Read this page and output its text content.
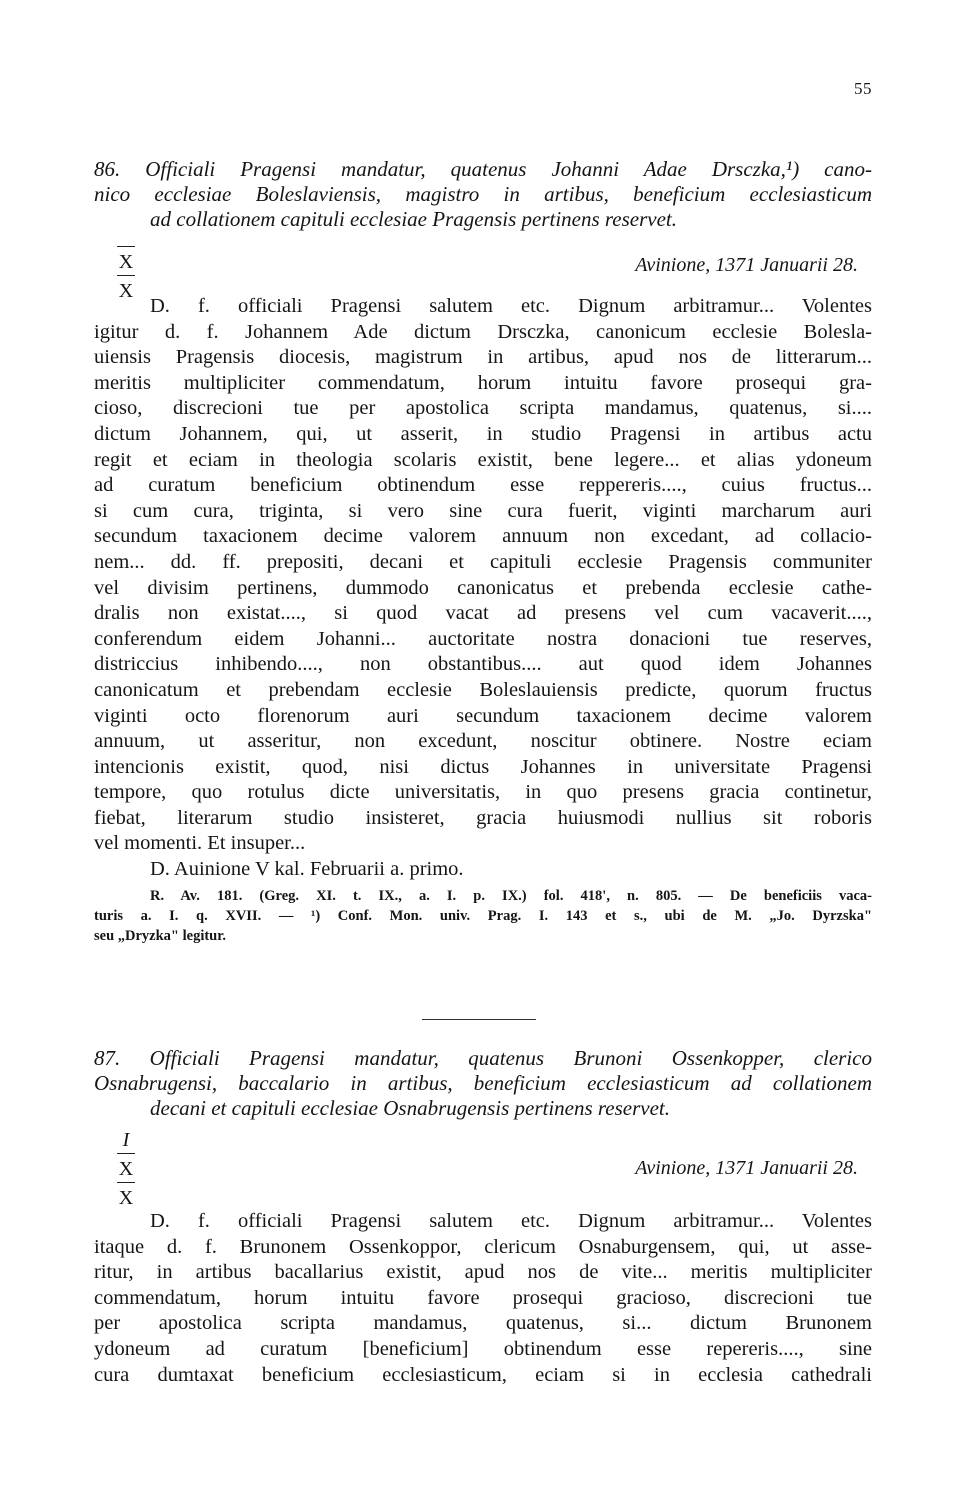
55
86. Officiali Pragensi mandatur, quatenus Johanni Adae Drsczka,¹) cano-
nico ecclesiae Boleslaviensis, magistro in artibus, beneficium ecclesiasticum
ad collationem capituli ecclesiae Pragensis pertinens reservet.
X
X
Avinione, 1371 Januarii 28.
D. f. officiali Pragensi salutem etc. Dignum arbitramur... Volentes
igitur d. f. Johannem Ade dictum Drsczka, canonicum ecclesie Bolesla-
uiensis Pragensis diocesis, magistrum in artibus, apud nos de litterarum...
meritis multipliciter commendatum, horum intuitu favore prosequi gra-
cioso, discrecioni tue per apostolica scripta mandamus, quatenus, si....
dictum Johannem, qui, ut asserit, in studio Pragensi in artibus actu
regit et eciam in theologia scolaris existit, bene legere... et alias ydoneum
ad curatum beneficium obtinendum esse reppereris...., cuius fructus...
si cum cura, triginta, si vero sine cura fuerit, viginti marcharum auri
secundum taxacionem decime valorem annuum non excedant, ad collacio-
nem... dd. ff. prepositi, decani et capituli ecclesie Pragensis communiter
vel divisim pertinens, dummodo canonicatus et prebenda ecclesie cathe-
dralis non existat...., si quod vacat ad presens vel cum vacaverit....,
conferendum eidem Johanni... auctoritate nostra donacioni tue reserves,
districcius inhibendo...., non obstantibus.... aut quod idem Johannes
canonicatum et prebendam ecclesie Boleslauiensis predicte, quorum fructus
viginti octo florenorum auri secundum taxacionem decime valorem
annuum, ut asseritur, non excedunt, noscitur obtinere. Nostre eciam
intencionis existit, quod, nisi dictus Johannes in universitate Pragensi
tempore, quo rotulus dicte universitatis, in quo presens gracia continetur,
fiebat, literarum studio insisteret, gracia huiusmodi nullius sit roboris
vel momenti. Et insuper...
D. Auinione V kal. Februarii a. primo.
R. Av. 181. (Greg. XI. t. IX., a. I. p. IX.) fol. 418', n. 805. — De beneficiis vaca-
turis a. I. q. XVII. — ¹) Conf. Mon. univ. Prag. I. 143 et s., ubi de M. „Jo. Dyrzska"
seu „Dryzka" legitur.
87. Officiali Pragensi mandatur, quatenus Brunoni Ossenkopper, clerico
Osnabrugensi, baccalario in artibus, beneficium ecclesiasticum ad collationem
decani et capituli ecclesiae Osnabrugensis pertinens reservet.
I
X
X
Avinione, 1371 Januarii 28.
D. f. officiali Pragensi salutem etc. Dignum arbitramur... Volentes
itaque d. f. Brunonem Ossenkoppor, clericum Osnaburgensem, qui, ut asse-
ritur, in artibus bacallarius existit, apud nos de vite... meritis multipliciter
commendatum, horum intuitu favore prosequi gracioso, discrecioni tue
per apostolica scripta mandamus, quatenus, si... dictum Brunonem
ydoneum ad curatum [beneficium] obtinendum esse repereris...., sine
cura dumtaxat beneficium ecclesiasticum, eciam si in ecclesia cathedrali
